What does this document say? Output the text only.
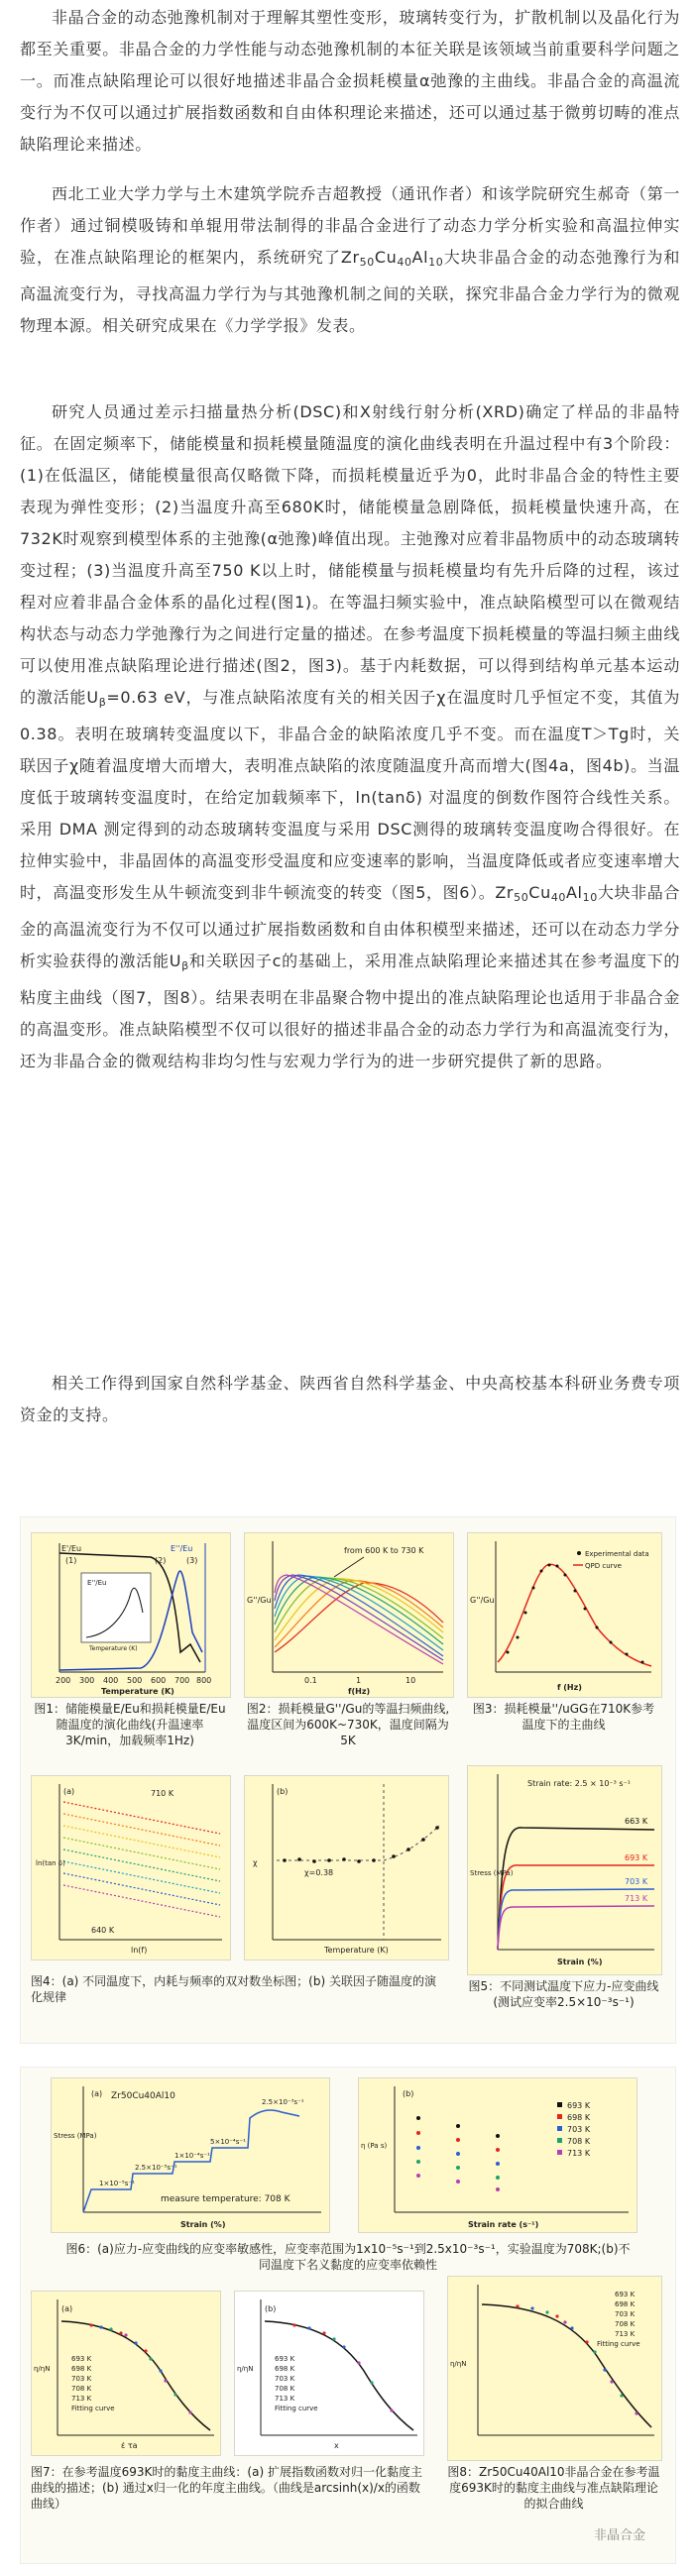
非晶合金的动态弛豫机制对于理解其塑性变形，玻璃转变行为，扩散机制以及晶化行为都至关重要。非晶合金的力学性能与动态弛豫机制的本征关联是该领域当前重要科学问题之一。而准点缺陷理论可以很好地描述非晶合金损耗模量α弛豫的主曲线。非晶合金的高温流变行为不仅可以通过扩展指数函数和自由体积理论来描述，还可以通过基于微剪切畴的准点缺陷理论来描述。
西北工业大学力学与土木建筑学院乔吉超教授（通讯作者）和该学院研究生郝奇（第一作者）通过铜模吸铸和单辊用带法制得的非晶合金进行了动态力学分析实验和高温拉伸实验，在准点缺陷理论的框架内，系统研究了$Zr_{50}Cu_{40}Al_{10}$大块非晶合金的动态弛豫行为和高温流变行为，寻找高温力学行为与其弛豫机制之间的关联，探究非晶合金力学行为的微观物理本源。相关研究成果在《力学学报》发表。
研究人员通过差示扫描量热分析(DSC)和X射线行射分析(XRD)确定了样品的非晶特征。在固定频率下，储能模量和损耗模量随温度的演化曲线表明在升温过程中有3个阶段：(1)在低温区，储能模量很高仅略微下降，而损耗模量近乎为0，此时非晶合金的特性主要表现为弹性变形；(2)当温度升高至680K时，储能模量急剧降低，损耗模量快速升高，在732K时观察到模型体系的主弛豫(α弛豫)峰值出现。主弛豫对应着非晶物质中的动态玻璃转变过程；(3)当温度升高至750 K以上时，储能模量与损耗模量均有先升后降的过程，该过程对应着非晶合金体系的晶化过程(图1)。在等温扫频实验中，准点缺陷模型可以在微观结构状态与动态力学弛豫行为之间进行定量的描述。在参考温度下损耗模量的等温扫频主曲线可以使用准点缺陷理论进行描述(图2，图3)。基于内耗数据，可以得到结构单元基本运动的激活能$U_\beta=0.63$ eV，与准点缺陷浓度有关的相关因子χ在温度时几乎恒定不变，其值为0.38。表明在玻璃转变温度以下，非晶合金的缺陷浓度几乎不变。而在温度T＞Tg时，关联因子χ随着温度增大而增大，表明准点缺陷的浓度随温度升高而增大(图4a，图4b)。当温度低于玻璃转变温度时，在给定加载频率下，ln(tanδ) 对温度的倒数作图符合线性关系。采用 DMA 测定得到的动态玻璃转变温度与采用 DSC测得的玻璃转变温度吻合得很好。在拉伸实验中，非晶固体的高温变形受温度和应变速率的影响，当温度降低或者应变速率增大时，高温变形发生从牛顿流变到非牛顿流变的转变（图5，图6）。$Zr_{50}Cu_{40}Al_{10}$大块非晶合金的高温流变行为不仅可以通过扩展指数函数和自由体积模型来描述，还可以在动态力学分析实验获得的激活能$U_\beta$和关联因子c的基础上，采用准点缺陷理论来描述其在参考温度下的粘度主曲线（图7，图8）。结果表明在非晶聚合物中提出的准点缺陷理论也适用于非晶合金的高温变形。准点缺陷模型不仅可以很好的描述非晶合金的动态力学行为和高温流变行为，还为非晶合金的微观结构非均匀性与宏观力学行为的进一步研究提供了新的思路。
相关工作得到国家自然科学基金、陕西省自然科学基金、中央高校基本科研业务费专项资金的支持。
E''/Eu
Temperature (K)
E'/Eu	E''/Eu
(1)	(2)	(3)
200 300 400 500 600 700 800
Temperature (K)
图1：储能模量E/Eu和损耗模量E/Eu随温度的演化曲线(升温速率3K/min，加载频率1Hz)
from 600 K to 730 K
G''/Gu
0.1	1	10
f(Hz)
图2：损耗模量G''/Gu的等温扫频曲线,温度区间为600K~730K，温度间隔为5K
Experimental data
QPD curve
G''/Gu
f (Hz)
图3：损耗模量''/uGG在710K参考温度下的主曲线
(a)	710 K
640 K
ln(tan δ)
ln(f)
(b)
χ=0.38
χ
Temperature (K)
图4：(a) 不同温度下，内耗与频率的双对数坐标图；(b) 关联因子随温度的演化规律
Strain rate: 2.5 × 10⁻³ s⁻¹
663 K
693 K
703 K
713 K
Stress (MPa)
Strain (%)
图5：不同测试温度下应力-应变曲线(测试应变率2.5×10⁻³s⁻¹)
(a) Zr50Cu40Al10
1×10⁻⁵s⁻¹
2.5×10⁻⁵s⁻¹
1×10⁻⁴s⁻¹
5×10⁻⁴s⁻¹
2.5×10⁻³s⁻¹
measure temperature: 708 K
Stress (MPa)
Strain (%)
(b)
693 K
698 K
703 K
708 K
713 K
η (Pa s)
Strain rate (s⁻¹)
图6：(a)应力-应变曲线的应变率敏感性，应变率范围为1x10⁻⁵s⁻¹到2.5x10⁻³s⁻¹，实验温度为708K;(b)不同温度下名义黏度的应变率依赖性
(a)
693 K
698 K
703 K
708 K
713 K
Fitting curve
η/ηN
ε̇ τa
(b)
693 K
698 K
703 K
708 K
713 K
Fitting curve
η/ηN
x
图7：在参考温度693K时的黏度主曲线：(a) 扩展指数函数对归一化黏度主曲线的描述；(b) 通过x归一化的年度主曲线。（曲线是arcsinh(x)/x的函数曲线）
693 K
698 K
703 K
708 K
713 K
Fitting curve
η/ηN
图8：Zr50Cu40Al10非晶合金在参考温度693K时的黏度主曲线与准点缺陷理论的拟合曲线
非晶合金
